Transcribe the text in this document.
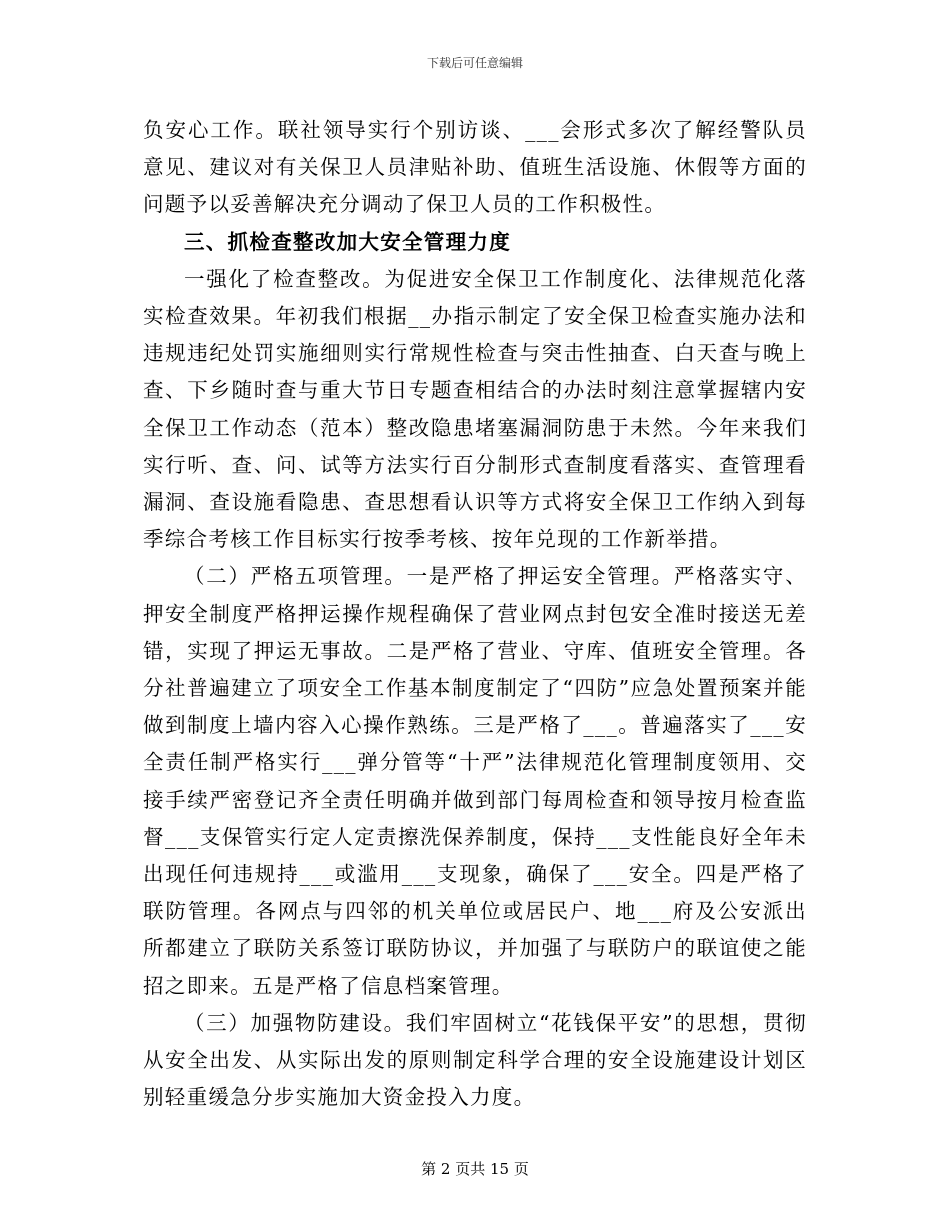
下载后可任意编辑

负安心工作。联社领导实行个别访谈、___会形式多次了解经警队员意见、建议对有关保卫人员津贴补助、值班生活设施、休假等方面的问题予以妥善解决充分调动了保卫人员的工作积极性。

三、抓检查整改加大安全管理力度

一强化了检查整改。为促进安全保卫工作制度化、法律规范化落实检查效果。年初我们根据__办指示制定了安全保卫检查实施办法和违规违纪处罚实施细则实行常规性检查与突击性抽查、白天查与晚上查、下乡随时查与重大节日专题查相结合的办法时刻注意掌握辖内安全保卫工作动态（范本）整改隐患堵塞漏洞防患于未然。今年来我们实行听、查、问、试等方法实行百分制形式查制度看落实、查管理看漏洞、查设施看隐患、查思想看认识等方式将安全保卫工作纳入到每季综合考核工作目标实行按季考核、按年兑现的工作新举措。

（二）严格五项管理。一是严格了押运安全管理。严格落实守、押安全制度严格押运操作规程确保了营业网点封包安全准时接送无差错，实现了押运无事故。二是严格了营业、守库、值班安全管理。各分社普遍建立了项安全工作基本制度制定了“四防”应急处置预案并能做到制度上墙内容入心操作熟练。三是严格了___。普遍落实了___安全责任制严格实行___弹分管等“十严”法律规范化管理制度领用、交接手续严密登记齐全责任明确并做到部门每周检查和领导按月检查监督___支保管实行定人定责擦洗保养制度，保持___支性能良好全年未出现任何违规持___或滥用___支现象，确保了___安全。四是严格了联防管理。各网点与四邻的机关单位或居民户、地___府及公安派出所都建立了联防关系签订联防协议，并加强了与联防户的联谊使之能招之即来。五是严格了信息档案管理。

（三）加强物防建设。我们牢固树立“花钱保平安”的思想，贯彻从安全出发、从实际出发的原则制定科学合理的安全设施建设计划区别轻重缓急分步实施加大资金投入力度。

第 2 页共 15 页
